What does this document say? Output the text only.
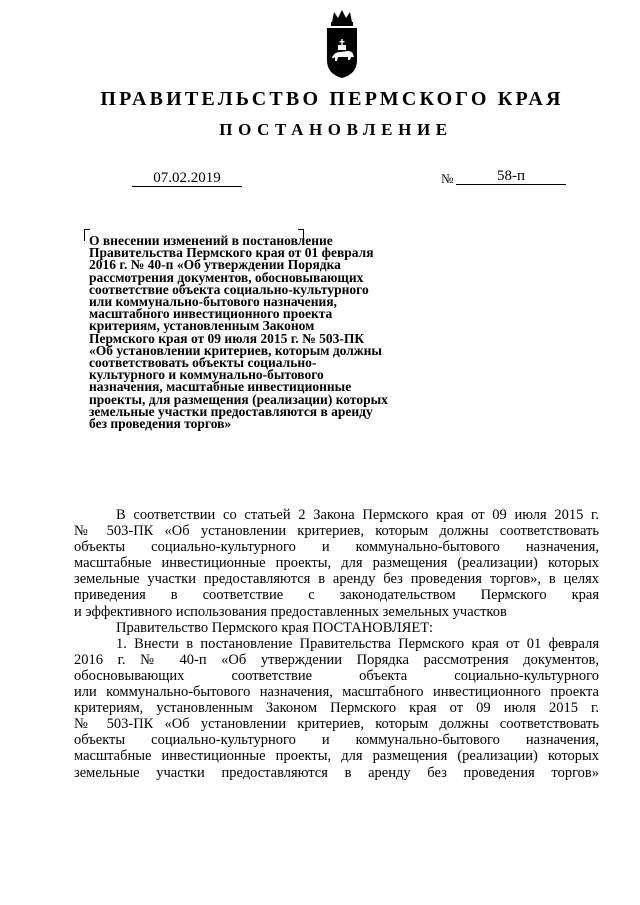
ПРАВИТЕЛЬСТВО ПЕРМСКОГО КРАЯ
ПОСТАНОВЛЕНИЕ
07.02.2019	№	58-п
О внесении изменений в постановление
Правительства Пермского края от 01 февраля
2016 г. № 40-п «Об утверждении Порядка
рассмотрения документов, обосновывающих
соответствие объекта социально-культурного
или коммунально-бытового назначения,
масштабного инвестиционного проекта
критериям, установленным Законом
Пермского края от 09 июля 2015 г. № 503-ПК
«Об установлении критериев, которым должны
соответствовать объекты социально-
культурного и коммунально-бытового
назначения, масштабные инвестиционные
проекты, для размещения (реализации) которых
земельные участки предоставляются в аренду
без проведения торгов»
В соответствии со статьей 2 Закона Пермского края от 09 июля 2015 г.
№ 503-ПК «Об установлении критериев, которым должны соответствовать
объекты социально-культурного и коммунально-бытового назначения,
масштабные инвестиционные проекты, для размещения (реализации) которых
земельные участки предоставляются в аренду без проведения торгов», в целях
приведения в соответствие с законодательством Пермского края
и эффективного использования предоставленных земельных участков
Правительство Пермского края ПОСТАНОВЛЯЕТ:
1. Внести в постановление Правительства Пермского края от 01 февраля
2016 г. № 40-п «Об утверждении Порядка рассмотрения документов,
обосновывающих соответствие объекта социально-культурного
или коммунально-бытового назначения, масштабного инвестиционного проекта
критериям, установленным Законом Пермского края от 09 июля 2015 г.
№ 503-ПК «Об установлении критериев, которым должны соответствовать
объекты социально-культурного и коммунально-бытового назначения,
масштабные инвестиционные проекты, для размещения (реализации) которых
земельные участки предоставляются в аренду без проведения торгов»
